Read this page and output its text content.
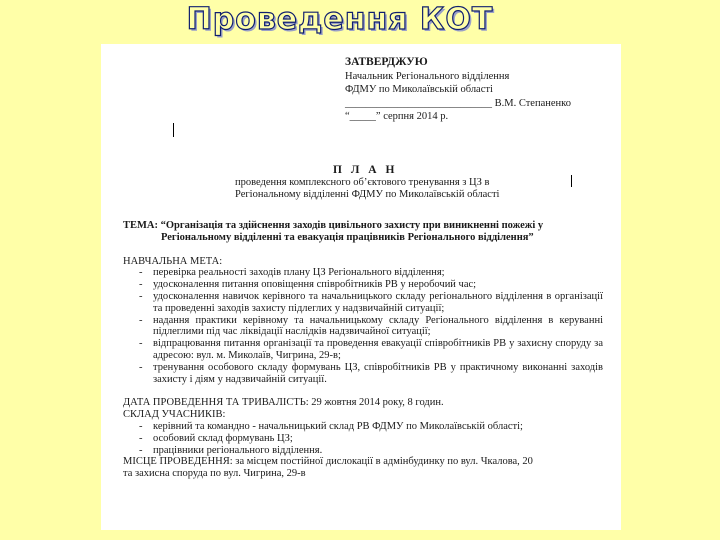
Проведення КОТ

ЗАТВЕРДЖУЮ

Начальник Регіонального відділення

ФДМУ по Миколаївській області

____________________________ В.М. Степаненко

“_____” серпня 2014 р.

П Л А Н

проведення комплексного об’єктового тренування з ЦЗ в

Регіональному відділенні ФДМУ по Миколаївській області

ТЕМА: “Організація та здійснення заходів цивільного захисту при виникненні пожежі у

Регіональному відділенні та евакуація працівників Регіонального відділення”

НАВЧАЛЬНА МЕТА:

- перевірка реальності заходів плану ЦЗ Регіонального відділення;

- удосконалення питання оповіщення співробітників РВ у неробочий час;

- удосконалення навичок керівного та начальницького складу регіонального відділення в організації та проведенні заходів захисту підлеглих у надзвичайній ситуації;

- надання практики керівному та начальницькому складу Регіонального відділення в керуванні підлеглими під час ліквідації наслідків надзвичайної ситуації;

- відпрацювання питання організації та проведення евакуації співробітників РВ у захисну споруду за адресою: вул. м. Миколаїв, Чигрина, 29-в;

- тренування особового складу формувань ЦЗ, співробітників РВ у практичному виконанні заходів захисту і дiям у надзвичайній ситуації.

ДАТА ПРОВЕДЕННЯ ТА ТРИВАЛІСТЬ: 29 жовтня 2014 року, 8 годин.

СКЛАД УЧАСНИКІВ:

- керівний та командно - начальницький склад РВ ФДМУ по Миколаївській області;

- особовий склад формувань ЦЗ;

- працівники регіонального відділення.

МІСЦЕ ПРОВЕДЕННЯ: за місцем постійної дислокації в адмінбудинку по вул. Чкалова, 20

та захисна споруда по вул. Чигрина, 29-в
